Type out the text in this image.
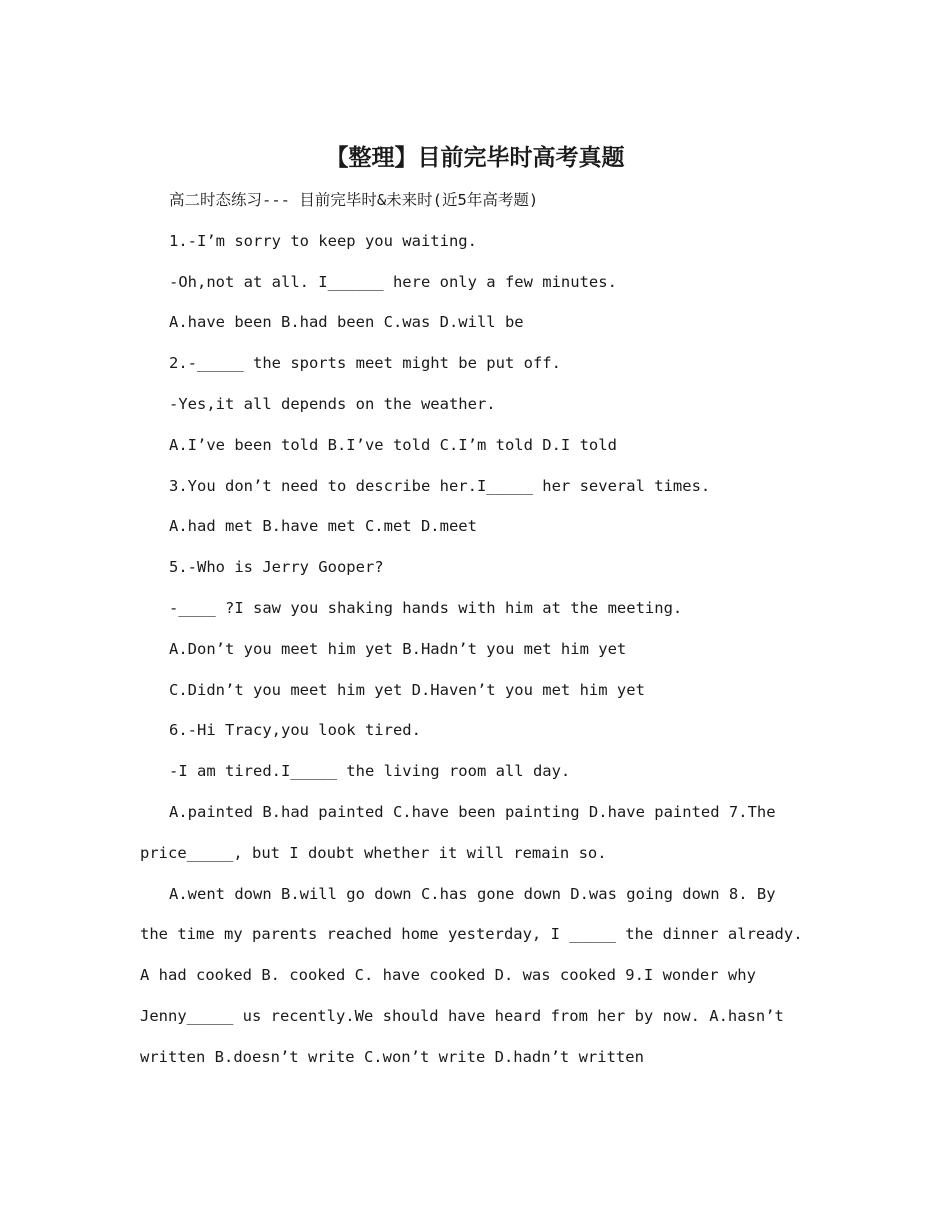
【整理】目前完毕时高考真题
高二时态练习--- 目前完毕时&未来时(近5年高考题)
1.-I’m sorry to keep you waiting.
-Oh,not at all. I______ here only a few minutes.
A.have been B.had been C.was D.will be
2.-_____ the sports meet might be put off.
-Yes,it all depends on the weather.
A.I’ve been told B.I’ve told C.I’m told D.I told
3.You don’t need to describe her.I_____ her several times.
A.had met B.have met C.met D.meet
5.-Who is Jerry Gooper?
-____ ?I saw you shaking hands with him at the meeting.
A.Don’t you meet him yet B.Hadn’t you met him yet
C.Didn’t you meet him yet D.Haven’t you met him yet
6.-Hi Tracy,you look tired.
-I am tired.I_____ the living room all day.
A.painted B.had painted C.have been painting D.have painted 7.The
price_____, but I doubt whether it will remain so.
A.went down B.will go down C.has gone down D.was going down 8. By
the time my parents reached home yesterday, I _____ the dinner already.
A had cooked B. cooked C. have cooked D. was cooked 9.I wonder why
Jenny_____ us recently.We should have heard from her by now. A.hasn’t
written B.doesn’t write C.won’t write D.hadn’t written
